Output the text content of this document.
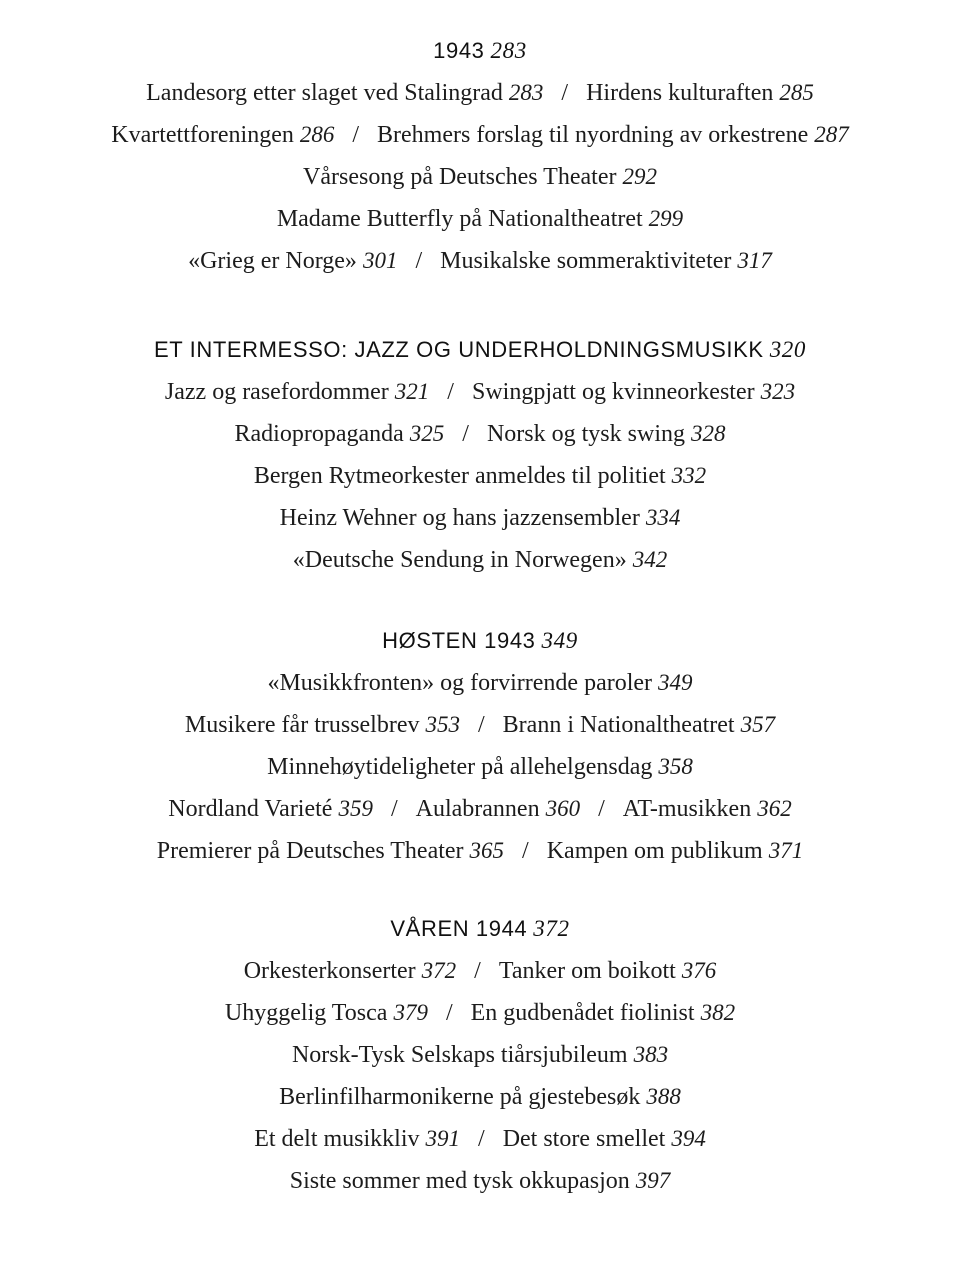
1943 283
Landesorg etter slaget ved Stalingrad 283 / Hirdens kulturaften 285
Kvartettforeningen 286 / Brehmers forslag til nyordning av orkestrene 287
Vårsesong på Deutsches Theater 292
Madame Butterfly på Nationaltheatret 299
«Grieg er Norge» 301 / Musikalske sommeraktiviteter 317
ET INTERMESSO: JAZZ OG UNDERHOLDNINGSMUSIKK 320
Jazz og rasefordommer 321 / Swingpjatt og kvinneorkester 323
Radiopropaganda 325 / Norsk og tysk swing 328
Bergen Rytmeorkester anmeldes til politiet 332
Heinz Wehner og hans jazzensembler 334
«Deutsche Sendung in Norwegen» 342
HØSTEN 1943 349
«Musikkfronten» og forvirrende paroler 349
Musikere får trusselbrev 353 / Brann i Nationaltheatret 357
Minnehøytideligheter på allehelgensdag 358
Nordland Varieté 359 / Aulabrannen 360 / AT-musikken 362
Premierer på Deutsches Theater 365 / Kampen om publikum 371
VÅREN 1944 372
Orkesterkonserter 372 / Tanker om boikott 376
Uhyggelig Tosca 379 / En gudbenådet fiolinist 382
Norsk-Tysk Selskaps tiårsjubileum 383
Berlinfilharmonikerne på gjestebesøk 388
Et delt musikkliv 391 / Det store smellet 394
Siste sommer med tysk okkupasjon 397
